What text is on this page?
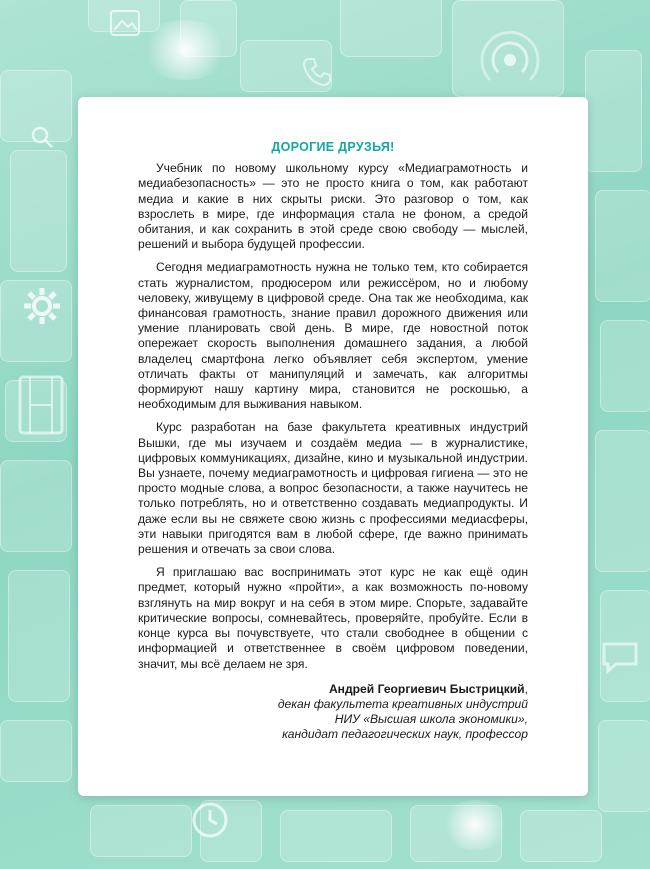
ДОРОГИЕ ДРУЗЬЯ!

Учебник по новому школьному курсу «Медиаграмотность и медиабезопасность» — это не просто книга о том, как работают медиа и какие в них скрыты риски. Это разговор о том, как взрослеть в мире, где информация стала не фоном, а средой обитания, и как сохранить в этой среде свою свободу — мыслей, решений и выбора будущей профессии.

Сегодня медиаграмотность нужна не только тем, кто собирается стать журналистом, продюсером или режиссёром, но и любому человеку, живущему в цифровой среде. Она так же необходима, как финансовая грамотность, знание правил дорожного движения или умение планировать свой день. В мире, где новостной поток опережает скорость выполнения домашнего задания, а любой владелец смартфона легко объявляет себя экспертом, умение отличать факты от манипуляций и замечать, как алгоритмы формируют нашу картину мира, становится не роскошью, а необходимым для выживания навыком.

Курс разработан на базе факультета креативных индустрий Вышки, где мы изучаем и создаём медиа — в журналистике, цифровых коммуникациях, дизайне, кино и музыкальной индустрии. Вы узнаете, почему медиаграмотность и цифровая гигиена — это не просто модные слова, а вопрос безопасности, а также научитесь не только потреблять, но и ответственно создавать медиапродукты. И даже если вы не свяжете свою жизнь с профессиями медиасферы, эти навыки пригодятся вам в любой сфере, где важно принимать решения и отвечать за свои слова.

Я приглашаю вас воспринимать этот курс не как ещё один предмет, который нужно «пройти», а как возможность по-новому взглянуть на мир вокруг и на себя в этом мире. Спорьте, задавайте критические вопросы, сомневайтесь, проверяйте, пробуйте. Если в конце курса вы почувствуете, что стали свободнее в общении с информацией и ответственнее в своём цифровом поведении, значит, мы всё делаем не зря.

Андрей Георгиевич Быстрицкий,
декан факультета креативных индустрий
НИУ «Высшая школа экономики»,
кандидат педагогических наук, профессор
